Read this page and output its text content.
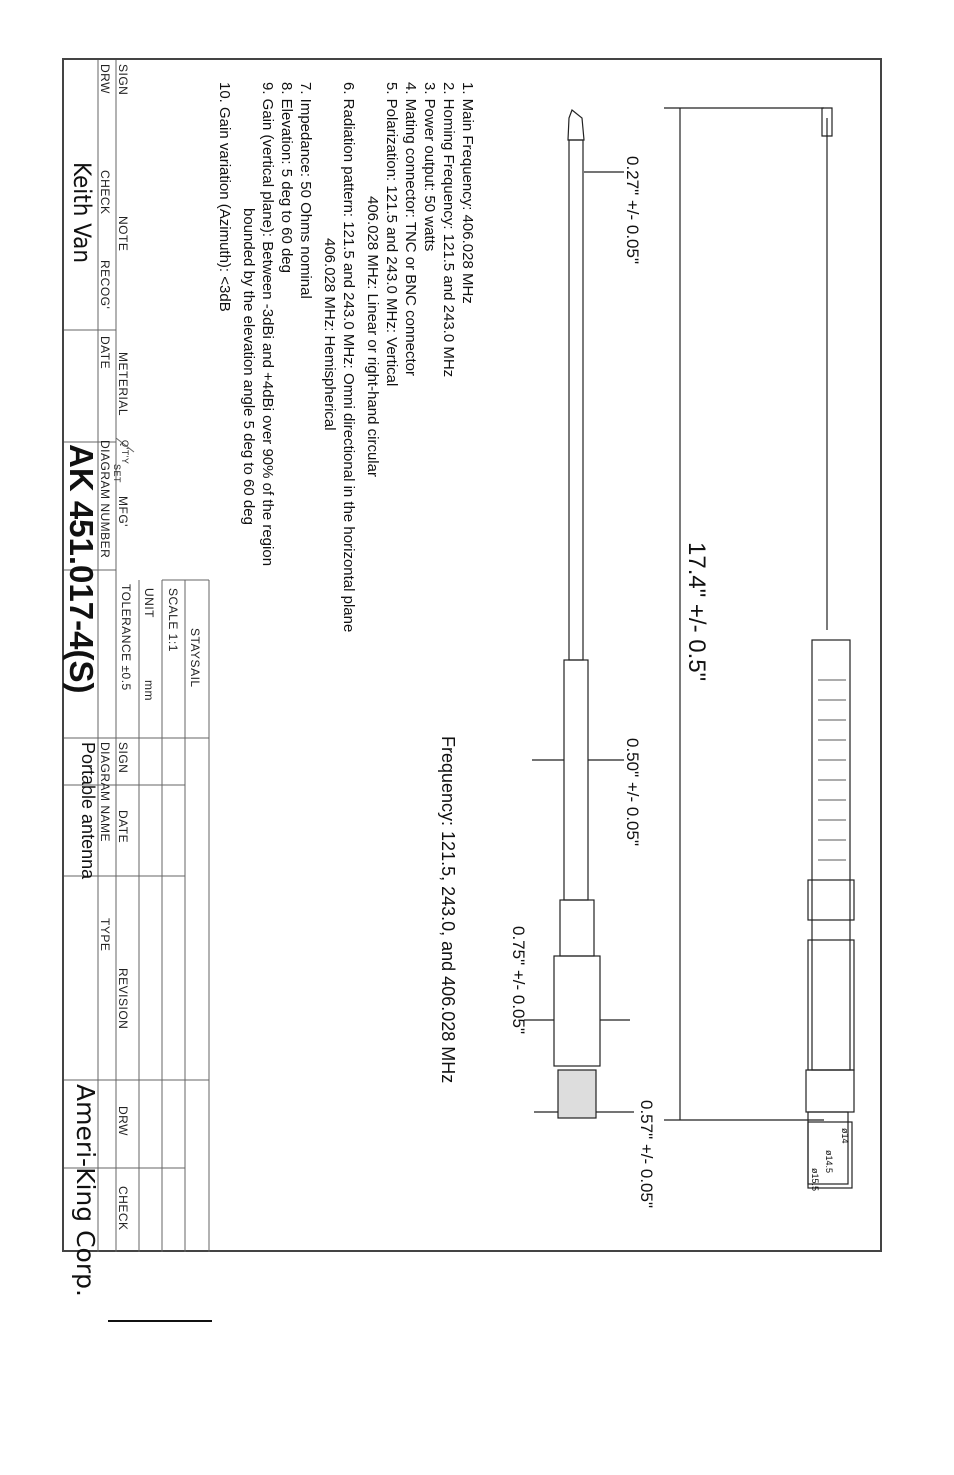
17.4" +/- 0.5"
0.27" +/- 0.05"
0.50" +/- 0.05"
0.75" +/- 0.05"
0.57" +/- 0.05"
Frequency: 121.5, 243.0, and 406.028 MHz
ø14
ø14.5
ø15.5
1. Main Frequency: 406.028 MHz
2. Homing Frequency: 121.5 and 243.0 MHz
3. Power output: 50 watts
4. Mating connector: TNC or BNC connector
5. Polarization: 121.5 and 243.0 MHz: Vertical
406.028 MHz: Linear or right-hand circular
6. Radiation pattern: 121.5 and 243.0 MHz: Omni directional in the horizontal plane
406.028 MHz: Hemispherical
7. Impedance: 50 Ohms nominal
8. Elevation: 5 deg to 60 deg
9. Gain (vertical plane): Between -3dBi and +4dBi over 90% of the region
bounded by the elevation angle 5 deg to 60 deg
10. Gain variation (Azimuth): <3dB
STAYSAIL
SCALE 1:1
UNIT
mm
TOLERANCE ±0.5
SIGN
DRW
NOTE
CHECK
RECOG'
Keith Van
METERIAL
DATE
Q'T'Y
SET
MFG'
DIAGRAM NUMBER
AK 451.017-4(S)
SIGN
DATE
DIAGRAM NAME
Portable antenna
TYPE
REVISION
DRW
CHECK
Ameri-King Corp.
